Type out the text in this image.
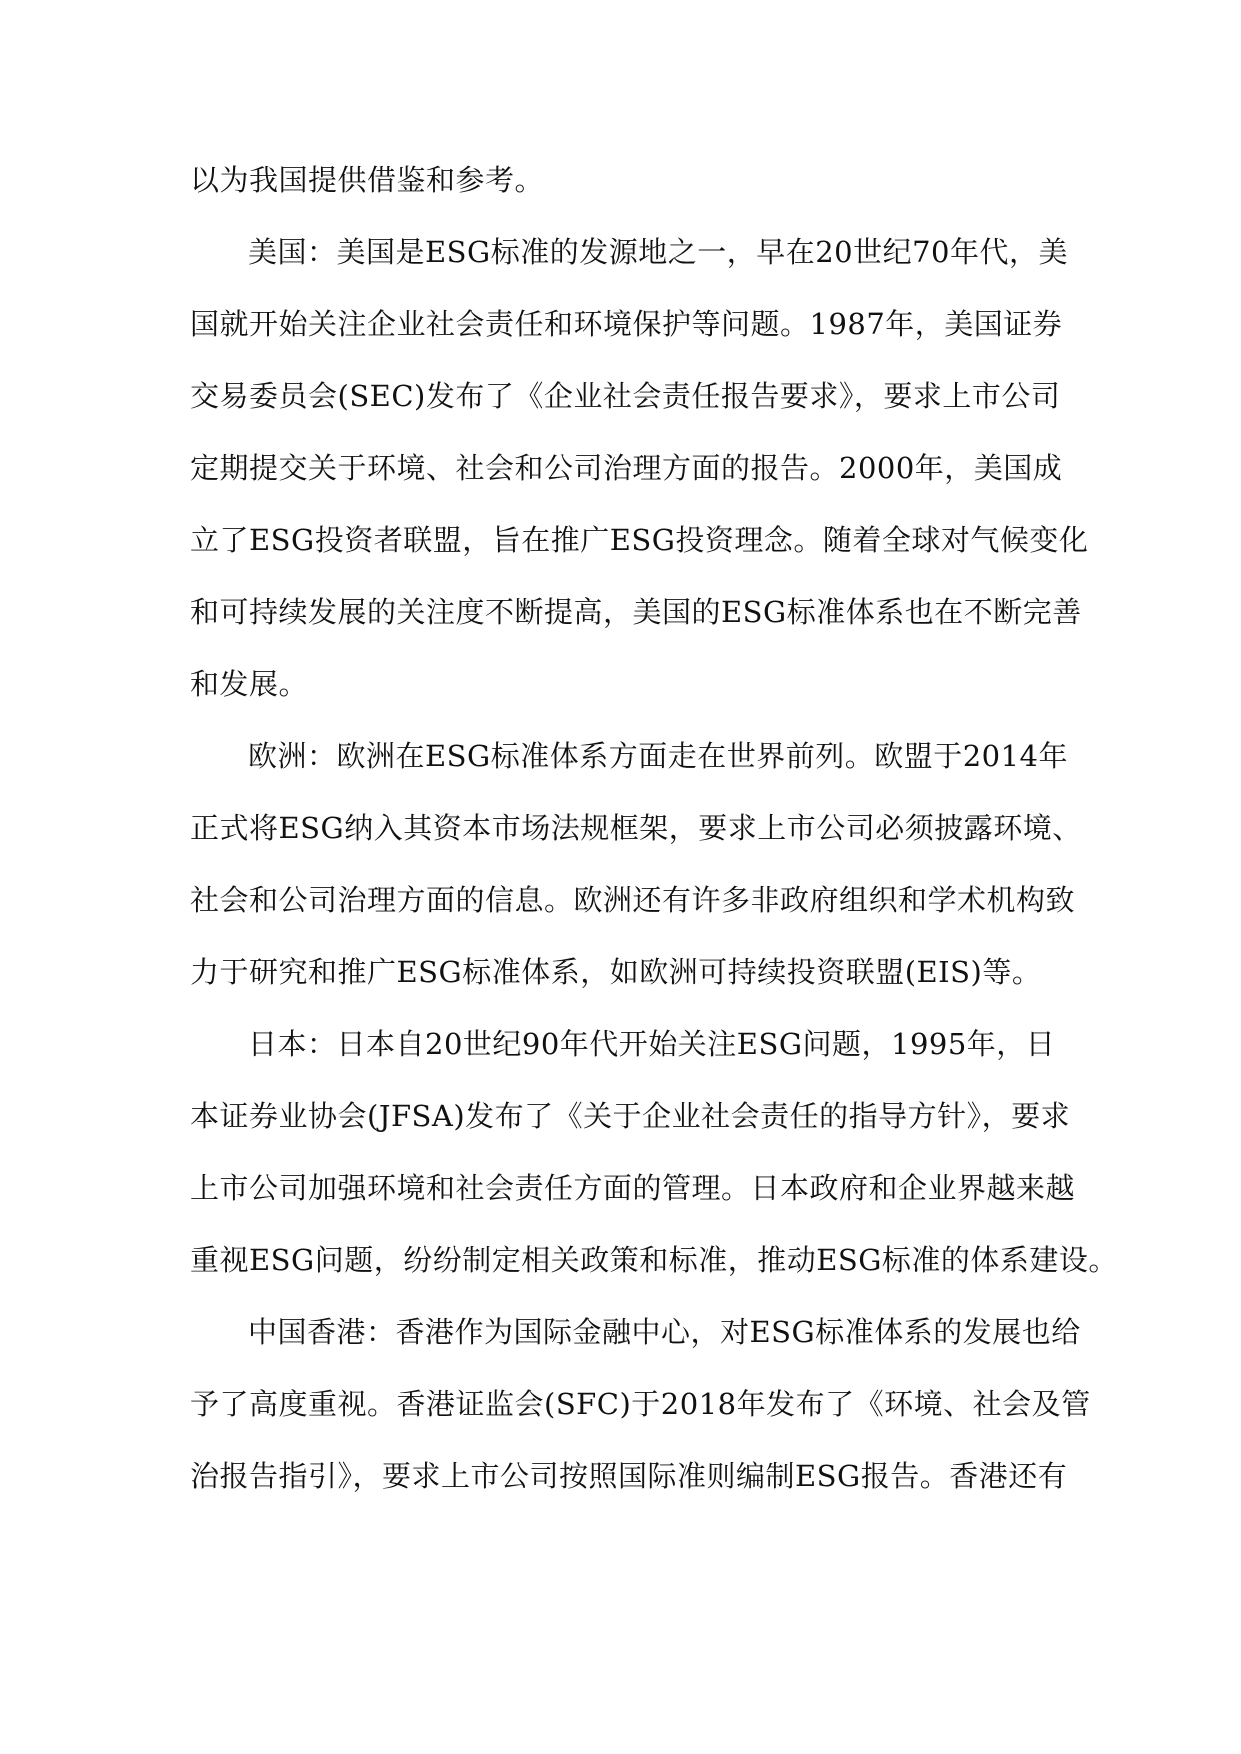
以为我国提供借鉴和参考。
美国：美国是ESG标准的发源地之一，早在20世纪70年代，美
国就开始关注企业社会责任和环境保护等问题。1987年，美国证券
交易委员会(SEC)发布了《企业社会责任报告要求》，要求上市公司
定期提交关于环境、社会和公司治理方面的报告。2000年，美国成
立了ESG投资者联盟，旨在推广ESG投资理念。随着全球对气候变化
和可持续发展的关注度不断提高，美国的ESG标准体系也在不断完善
和发展。
欧洲：欧洲在ESG标准体系方面走在世界前列。欧盟于2014年
正式将ESG纳入其资本市场法规框架，要求上市公司必须披露环境、
社会和公司治理方面的信息。欧洲还有许多非政府组织和学术机构致
力于研究和推广ESG标准体系，如欧洲可持续投资联盟(EIS)等。
日本：日本自20世纪90年代开始关注ESG问题，1995年，日
本证券业协会(JFSA)发布了《关于企业社会责任的指导方针》，要求
上市公司加强环境和社会责任方面的管理。日本政府和企业界越来越
重视ESG问题，纷纷制定相关政策和标准，推动ESG标准的体系建设。
中国香港：香港作为国际金融中心，对ESG标准体系的发展也给
予了高度重视。香港证监会(SFC)于2018年发布了《环境、社会及管
治报告指引》，要求上市公司按照国际准则编制ESG报告。香港还有
